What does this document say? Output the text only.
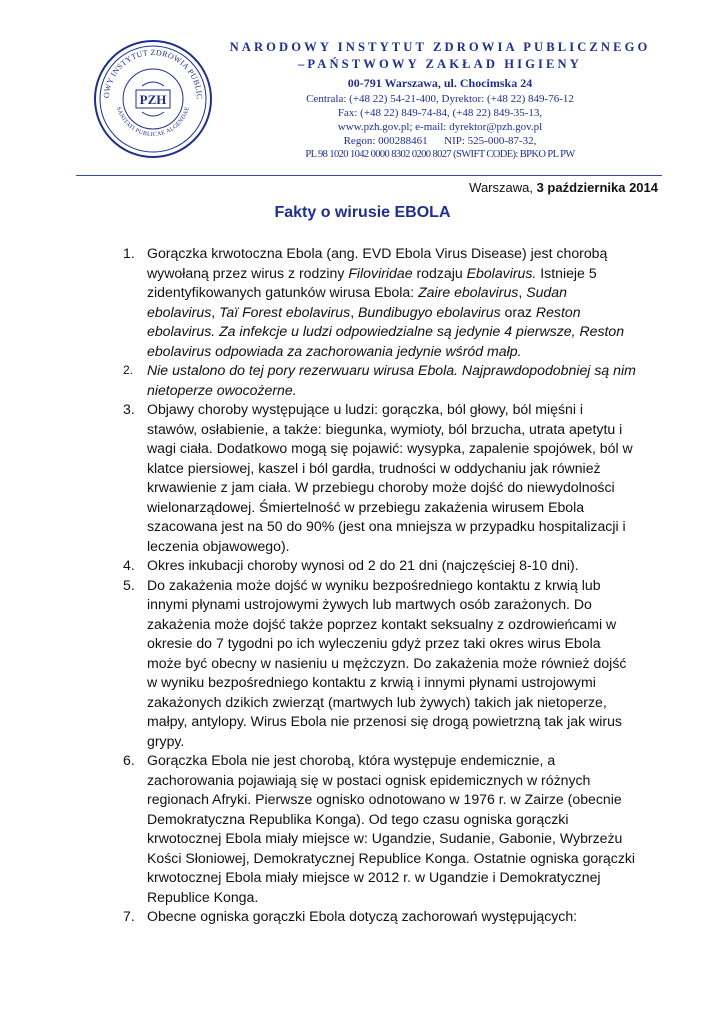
OWY INSTYTUT ZDROWIA PUBLIC
SANITATI PUBLICAE ALGENDAE
PZH
NARODOWY INSTYTUT ZDROWIA PUBLICZNEGO
–PAŃSTWOWY ZAKŁAD HIGIENY
00-791 Warszawa, ul. Chocimska 24
Centrala: (+48 22) 54-21-400, Dyrektor: (+48 22) 849-76-12
Fax: (+48 22) 849-74-84, (+48 22) 849-35-13,
www.pzh.gov.pl; e-mail: dyrektor@pzh.gov.pl
Regon: 000288461      NIP: 525-000-87-32,
PL 98 1020 1042 0000 8302 0200 8027 (SWIFT CODE): BPKO PL PW
Warszawa, 3 października 2014
Fakty o wirusie EBOLA
1. Gorączka krwotoczna Ebola (ang. EVD Ebola Virus Disease) jest chorobą
wywołaną przez wirus z rodziny Filoviridae rodzaju Ebolavirus. Istnieje 5
zidentyfikowanych gatunków wirusa Ebola: Zaire ebolavirus, Sudan
ebolavirus, Taï Forest ebolavirus, Bundibugyo ebolavirus oraz Reston
ebolavirus. Za infekcje u ludzi odpowiedzialne są jedynie 4 pierwsze, Reston
ebolavirus odpowiada za zachorowania jedynie wśród małp.
2. Nie ustalono do tej pory rezerwuaru wirusa Ebola. Najprawdopodobniej są nim
nietoperze owocożerne.
3. Objawy choroby występujące u ludzi: gorączka, ból głowy, ból mięśni i
stawów, osłabienie, a także: biegunka, wymioty, ból brzucha, utrata apetytu i
wagi ciała. Dodatkowo mogą się pojawić: wysypka, zapalenie spojówek, ból w
klatce piersiowej, kaszel i ból gardła, trudności w oddychaniu jak również
krwawienie z jam ciała. W przebiegu choroby może dojść do niewydolności
wielonarządowej. Śmiertelność w przebiegu zakażenia wirusem Ebola
szacowana jest na 50 do 90% (jest ona mniejsza w przypadku hospitalizacji i
leczenia objawowego).
4. Okres inkubacji choroby wynosi od 2 do 21 dni (najczęściej 8-10 dni).
5. Do zakażenia może dojść w wyniku bezpośredniego kontaktu z krwią lub
innymi płynami ustrojowymi żywych lub martwych osób zarażonych. Do
zakażenia może dojść także poprzez kontakt seksualny z ozdrowieńcami w
okresie do 7 tygodni po ich wyleczeniu gdyż przez taki okres wirus Ebola
może być obecny w nasieniu u mężczyzn. Do zakażenia może również dojść
w wyniku bezpośredniego kontaktu z krwią i innymi płynami ustrojowymi
zakażonych dzikich zwierząt (martwych lub żywych) takich jak nietoperze,
małpy, antylopy. Wirus Ebola nie przenosi się drogą powietrzną tak jak wirus
grypy.
6. Gorączka Ebola nie jest chorobą, która występuje endemicznie, a
zachorowania pojawiają się w postaci ognisk epidemicznych w różnych
regionach Afryki. Pierwsze ognisko odnotowano w 1976 r. w Zairze (obecnie
Demokratyczna Republika Konga). Od tego czasu ogniska gorączki
krwotocznej Ebola miały miejsce w: Ugandzie, Sudanie, Gabonie, Wybrzeżu
Kości Słoniowej, Demokratycznej Republice Konga. Ostatnie ogniska gorączki
krwotocznej Ebola miały miejsce w 2012 r. w Ugandzie i Demokratycznej
Republice Konga.
7. Obecne ogniska gorączki Ebola dotyczą zachorowań występujących:
